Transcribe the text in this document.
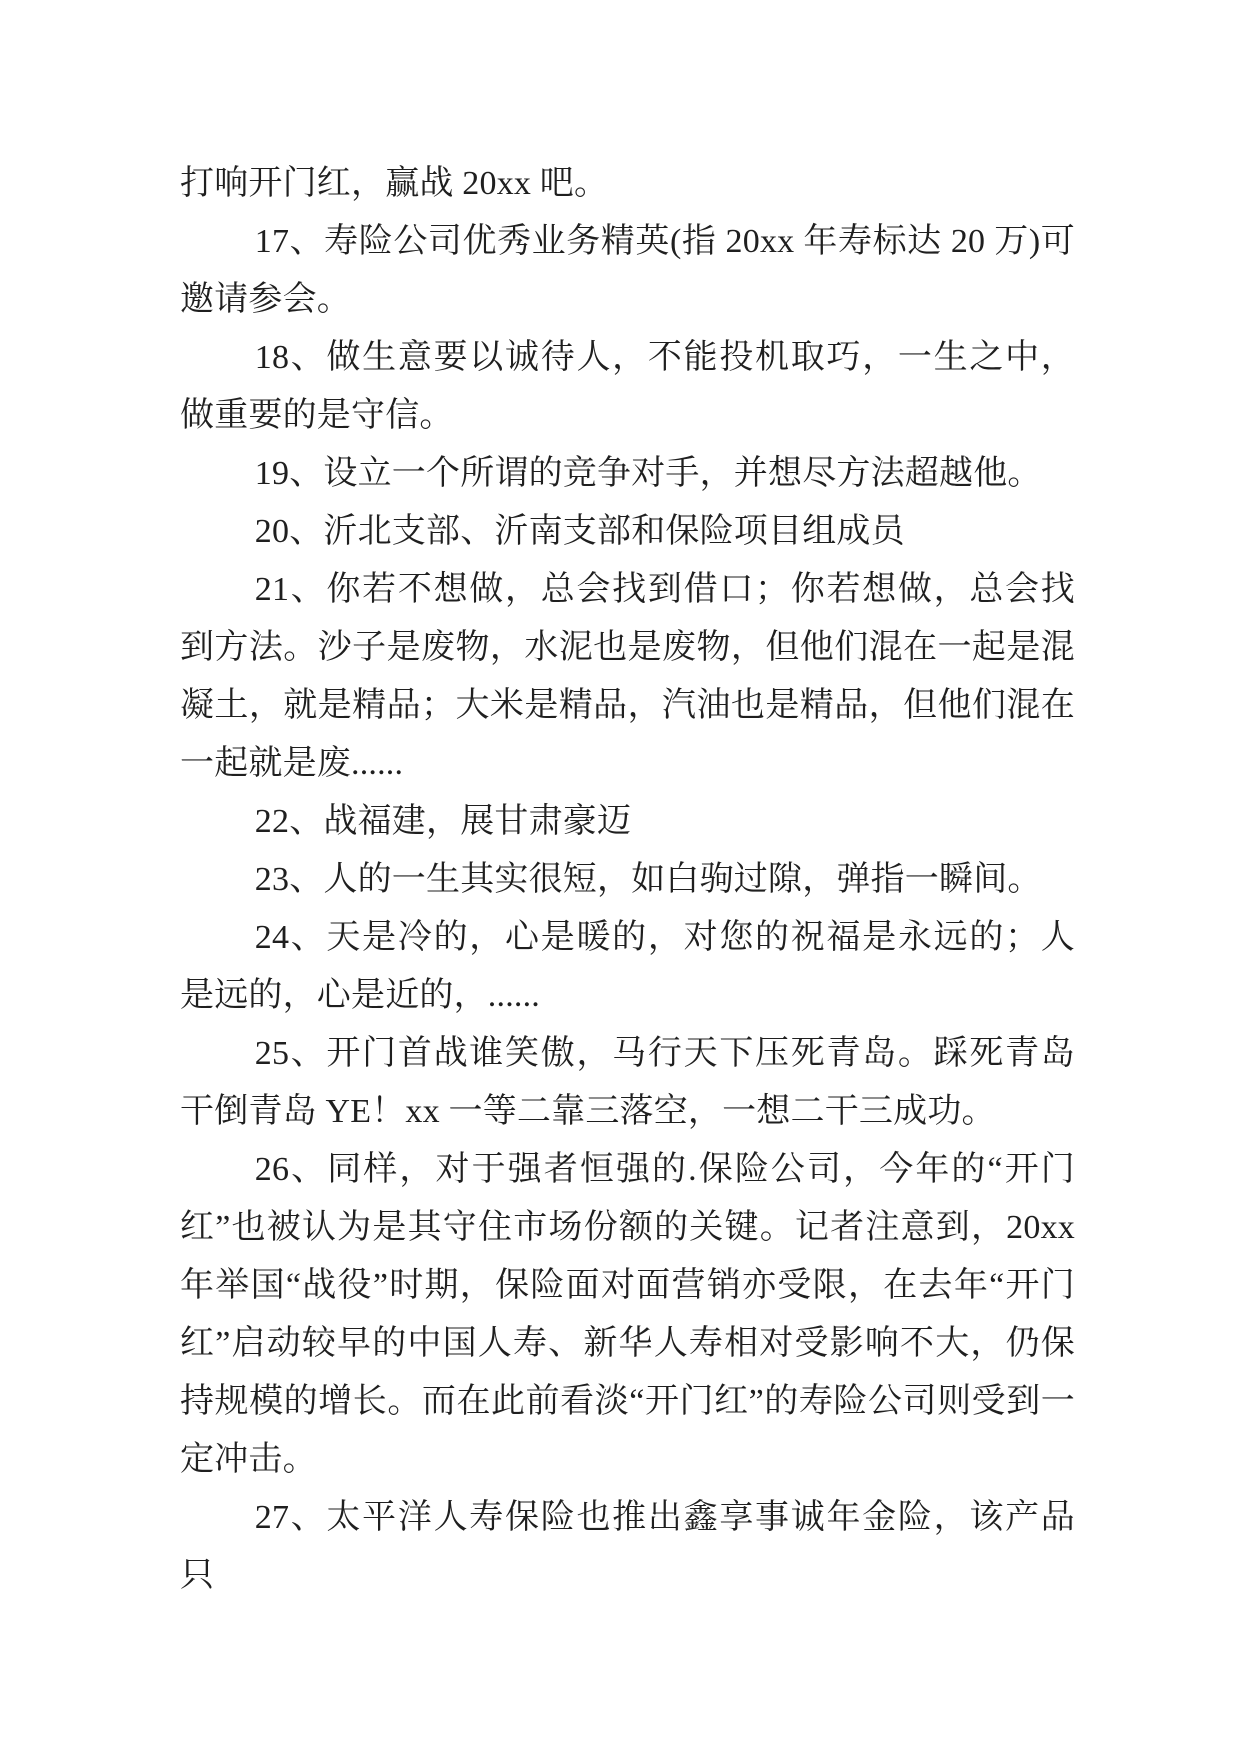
打响开门红，赢战 20xx 吧。

17、寿险公司优秀业务精英(指 20xx 年寿标达 20 万)可邀请参会。

18、做生意要以诚待人，不能投机取巧，一生之中，做重要的是守信。

19、设立一个所谓的竞争对手，并想尽方法超越他。

20、沂北支部、沂南支部和保险项目组成员

21、你若不想做，总会找到借口；你若想做，总会找到方法。沙子是废物，水泥也是废物，但他们混在一起是混凝土，就是精品；大米是精品，汽油也是精品，但他们混在一起就是废......

22、战福建，展甘肃豪迈

23、人的一生其实很短，如白驹过隙，弹指一瞬间。

24、天是冷的，心是暖的，对您的祝福是永远的；人是远的，心是近的，......

25、开门首战谁笑傲，马行天下压死青岛。踩死青岛干倒青岛 YE！xx 一等二靠三落空，一想二干三成功。

26、同样，对于强者恒强的.保险公司，今年的“开门红”也被认为是其守住市场份额的关键。记者注意到，20xx 年举国“战役”时期，保险面对面营销亦受限，在去年“开门红”启动较早的中国人寿、新华人寿相对受影响不大，仍保持规模的增长。而在此前看淡“开门红”的寿险公司则受到一定冲击。

27、太平洋人寿保险也推出鑫享事诚年金险，该产品只
